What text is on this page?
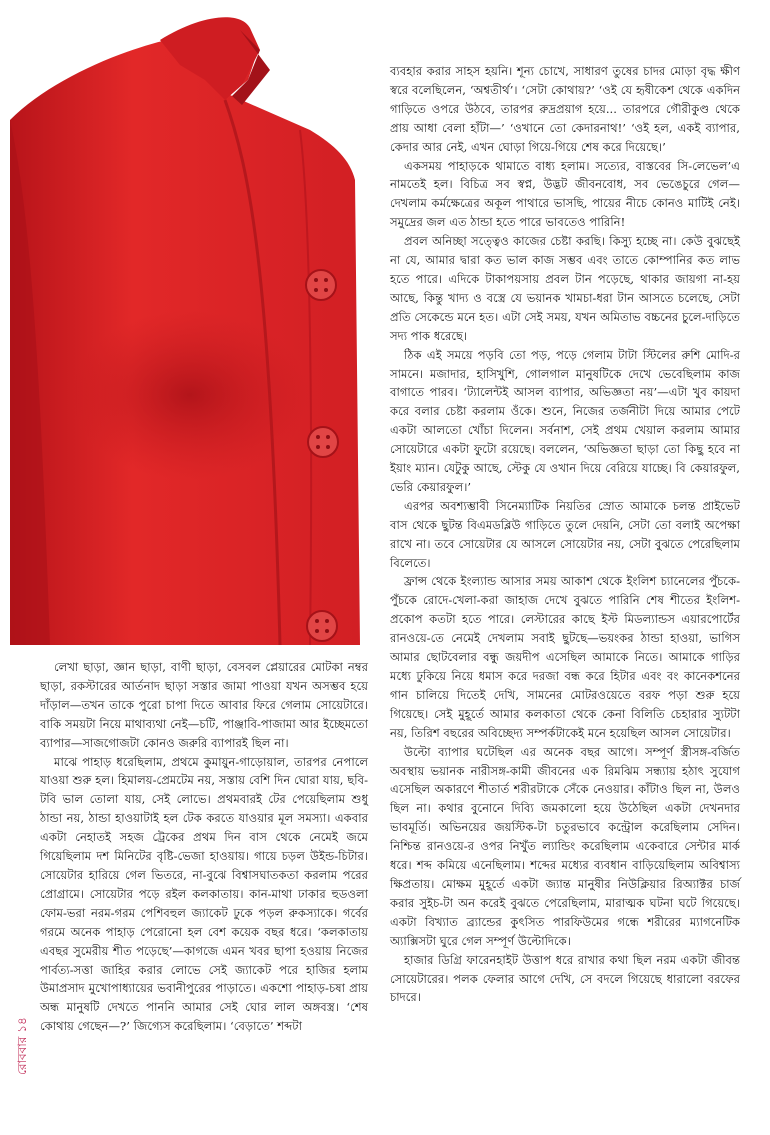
ব্যবহার করার সাহস হয়নি। শূন্য চোখে, সাধারণ তুষের চাদর মোড়া বৃদ্ধ ক্ষীণ স্বরে বলেছিলেন, ‘অশ্বতীর্থ’। ‘সেটা কোথায়?’ ‘ওই যে হৃষীকেশ থেকে একদিন গাড়িতে ওপরে উঠবে, তারপর রুদ্রপ্রয়াগ হয়ে... তারপরে গৌরীকুণ্ড থেকে প্রায় আধা বেলা হাঁটা—’ ‘ওখানে তো কেদারনাথ!’ ‘ওই হল, একই ব্যাপার, কেদার আর নেই, এখন ঘোড়া গিয়ে-গিয়ে শেষ করে দিয়েছে।’

একসময় পাহাড়কে থামাতে বাধ্য হলাম। সত্যের, বাস্তবের সি-লেভেল’এ নামতেই হল। বিচিত্র সব স্বপ্ন, উদ্ভট জীবনবোধ, সব ভেঙেচুরে গেল—দেখলাম কর্মক্ষেত্রের অকূল পাথারে ভাসছি, পায়ের নীচে কোনও মাটিই নেই। সমুদ্রের জল এত ঠান্ডা হতে পারে ভাবতেও পারিনি!

প্রবল অনিচ্ছা সত্ত্বেও কাজের চেষ্টা করছি। কিস্যু হচ্ছে না। কেউ বুঝছেই না যে, আমার দ্বারা কত ভাল কাজ সম্ভব এবং তাতে কোম্পানির কত লাভ হতে পারে। এদিকে টাকাপয়সায় প্রবল টান পড়েছে, থাকার জায়গা না-হয় আছে, কিন্তু খাদ্য ও বস্ত্রে যে ভয়ানক খামচা-ধরা টান আসতে চলেছে, সেটা প্রতি সেকেন্ডে মনে হত। এটা সেই সময়, যখন অমিতাভ বচ্চনের চুলে-দাড়িতে সদ্য পাক ধরেছে।

ঠিক এই সময়ে পড়বি তো পড়, পড়ে গেলাম টাটা স্টিলের রুশি মোদি-র সামনে। মজাদার, হাসিখুশি, গোলগাল মানুষটিকে দেখে ভেবেছিলাম কাজ বাগাতে পারব। ‘ট্যালেন্টই আসল ব্যাপার, অভিজ্ঞতা নয়’—এটা খুব কায়দা করে বলার চেষ্টা করলাম ওঁকে। শুনে, নিজের তর্জনীটা দিয়ে আমার পেটে একটা আলতো খোঁচা দিলেন। সর্বনাশ, সেই প্রথম খেয়াল করলাম আমার সোয়েটারে একটা ফুটো রয়েছে। বললেন, ‘অভিজ্ঞতা ছাড়া তো কিছু হবে না ইয়াং ম্যান। যেটুকু আছে, স্টেকু যে ওখান দিয়ে বেরিয়ে যাচ্ছে। বি কেয়ারফুল, ভেরি কেয়ারফুল।’

এরপর অবশ্যম্ভাবী সিনেম্যাটিক নিয়তির স্রোত আমাকে চলন্ত প্রাইভেট বাস থেকে ছুটন্ত বিএমডব্লিউ গাড়িতে তুলে দেয়নি, সেটা তো বলাই অপেক্ষা রাখে না। তবে সোয়েটার যে আসলে সোয়েটার নয়, সেটা বুঝতে পেরেছিলাম বিলেতে।

ফ্রান্স থেকে ইংল্যান্ড আসার সময় আকাশ থেকে ইংলিশ চ্যানেলের পুঁচকে-পুঁচকে রোদে-খেলা-করা জাহাজ দেখে বুঝতে পারিনি শেষ শীতের ইংলিশ-প্রকোপ কতটা হতে পারে। লেস্টারের কাছে ইস্ট মিডল্যান্ডস এয়ারপোর্টের রানওয়ে-তে নেমেই দেখলাম সবাই ছুটছে—ভয়ংকর ঠান্ডা হাওয়া, ভাগিস আমার ছোটবেলার বন্ধু জয়দীপ এসেছিল আমাকে নিতে। আমাকে গাড়ির মধ্যে ঢুকিয়ে নিয়ে ধমাস করে দরজা বন্ধ করে হিটার এবং বং কানেকশনের গান চালিয়ে দিতেই দেখি, সামনের মোটরওয়েতে বরফ পড়া শুরু হয়ে গিয়েছে। সেই মুহূর্তে আমার কলকাতা থেকে কেনা বিলিতি চেহারার স্যুটটা নয়, তিরিশ বছরের অবিচ্ছেদ্য সম্পর্কটাকেই মনে হয়েছিল আসল সোয়েটার।

উল্টো ব্যাপার ঘটেছিল এর অনেক বছর আগে। সম্পূর্ণ স্ত্রীসঙ্গ-বর্জিত অবস্থায় ভয়ানক নারীসঙ্গ-কামী জীবনের এক রিমঝিম সন্ধ্যায় হঠাৎ সুযোগ এসেছিল অকারণে শীতার্ত শরীরটাকে সেঁকে নেওয়ার। কাঁটাও ছিল না, উলও ছিল না। কথার বুনোনে দিব্যি জমকালো হয়ে উঠেছিল একটা দেখনদার ভাবমূর্তি। অভিনয়ের জয়স্টিক-টা চতুরভাবে কন্ট্রোল করেছিলাম সেদিন। নিশ্চিন্ত রানওয়ে-র ওপর নিখুঁত ল্যান্ডিং করেছিলাম একেবারে সেন্টার মার্ক ধরে। শব্দ কমিয়ে এনেছিলাম। শব্দের মধ্যের ব্যবধান বাড়িয়েছিলাম অবিশ্বাস্য ক্ষিপ্রতায়। মোক্ষম মুহূর্তে একটা জ্যান্ত মানুষীর নিউক্লিয়ার রিঅ্যাক্টর চার্জ করার সুইচ-টা অন করেই বুঝতে পেরেছিলাম, মারাত্মক ঘটনা ঘটে গিয়েছে। একটা বিখ্যাত ব্র্যান্ডের কুৎসিত পারফিউমের গন্ধে শরীরের ম্যাগনেটিক অ্যাক্সিসটা ঘুরে গেল সম্পূর্ণ উল্টোদিকে।

হাজার ডিগ্রি ফারেনহাইট উত্তাপ ধরে রাখার কথা ছিল নরম একটা জীবন্ত সোয়েটারের। পলক ফেলার আগে দেখি, সে বদলে গিয়েছে ধারালো বরফের চাদরে।

লেখা ছাড়া, জ্ঞান ছাড়া, বাণী ছাড়া, বেসবল প্লেয়ারের মোটকা নম্বর ছাড়া, রকস্টারের আর্তনাদ ছাড়া সস্তার জামা পাওয়া যখন অসম্ভব হয়ে দাঁড়াল—তখন তাকে পুরো চাপা দিতে আবার ফিরে গেলাম সোয়েটারে। বাকি সময়টা নিয়ে মাথাব্যথা নেই—চটি, পাঞ্জাবি-পাজামা আর ইচ্ছেমতো ব্যাপার—সাজগোজটা কোনও জরুরি ব্যাপারই ছিল না।

মাঝে পাহাড় ধরেছিলাম, প্রথমে কুমায়ুন-গাড়োয়াল, তারপর নেপালে যাওয়া শুরু হল। হিমালয়-প্রেমটেম নয়, সস্তায় বেশি দিন ঘোরা যায়, ছবি-টবি ভাল তোলা যায়, সেই লোভে। প্রথমবারই টের পেয়েছিলাম শুধু ঠান্ডা নয়, ঠান্ডা হাওয়াটাই হল টেক করতে যাওয়ার মূল সমস্যা। একবার একটা নেহাতই সহজ ট্রেকের প্রথম দিন বাস থেকে নেমেই জমে গিয়েছিলাম দশ মিনিটের বৃষ্টি-ভেজা হাওয়ায়। গায়ে চড়ল উইন্ড-চিটার। সোয়েটার হারিয়ে গেল ভিতরে, না-বুঝে বিশ্বাসঘাতকতা করলাম পরের প্রোগ্রামে। সোয়েটার পড়ে রইল কলকাতায়। কান-মাথা ঢাকার হুডওলা ফোম-ভরা নরম-গরম পেশিবহুল জ্যাকেট ঢুকে পড়ল রুকস্যাকে। গর্বের গরমে অনেক পাহাড় পেরোনো হল বেশ কয়েক বছর ধরে। ‘কলকাতায় এবছর সুমেরীয় শীত পড়েছে’—কাগজে এমন খবর ছাপা হওয়ায় নিজের পার্বত্য-সত্তা জাহির করার লোভে সেই জ্যাকেট পরে হাজির হলাম উমাপ্রসাদ মুখোপাধ্যায়ের ভবানীপুরের পাড়াতে। একশো পাহাড়-চষা প্রায় অন্ধ মানুষটি দেখতে পাননি আমার সেই ঘোর লাল অঙ্গবস্ত্র। ‘শেষ কোথায় গেছেন—?’ জিগ্যেস করেছিলাম। ‘বেড়াতে’ শব্দটা

রোববার ১৪
